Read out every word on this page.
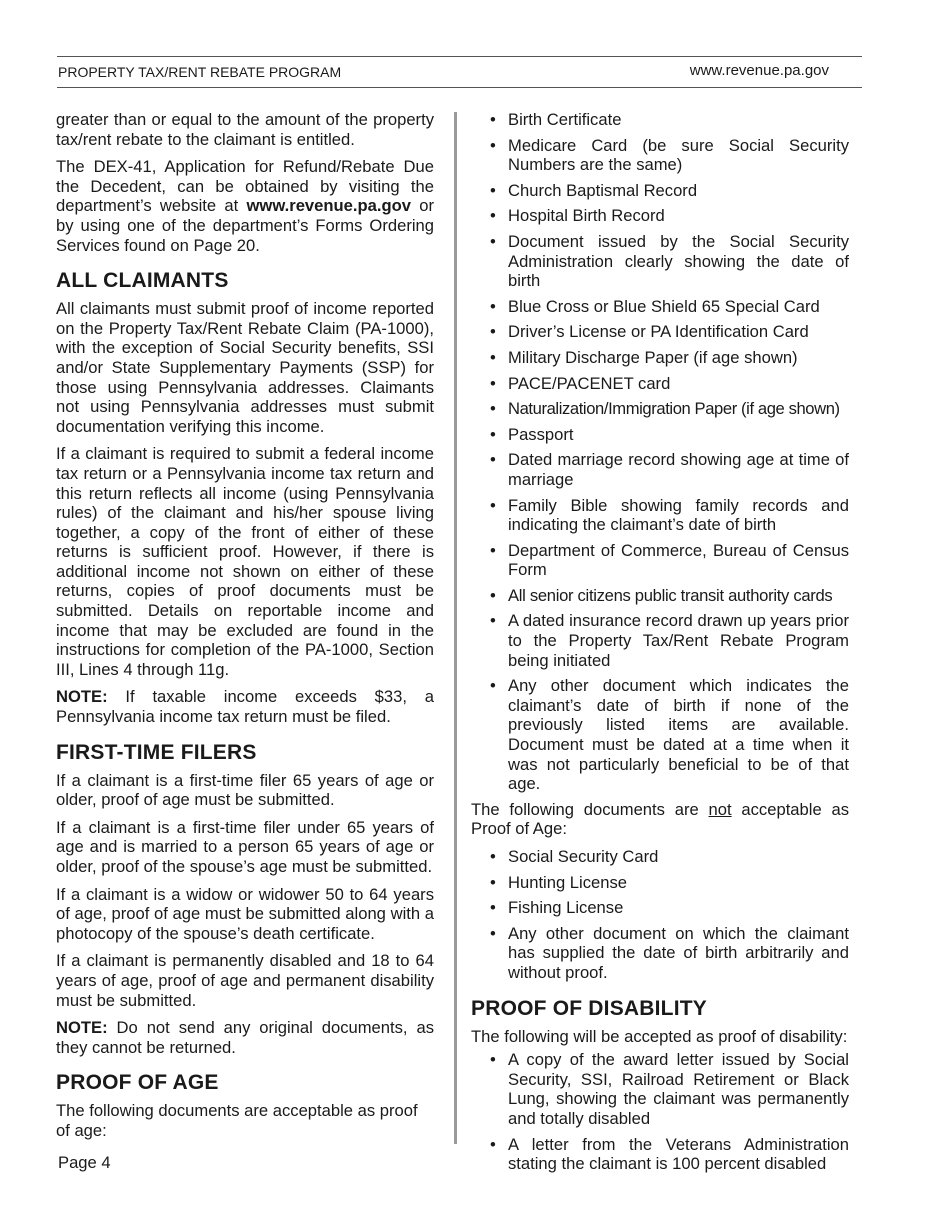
PROPERTY TAX/RENT REBATE PROGRAM	www.revenue.pa.gov

greater than or equal to the amount of the property tax/rent rebate to the claimant is entitled.

The DEX-41, Application for Refund/Rebate Due the Decedent, can be obtained by visiting the department’s website at www.revenue.pa.gov or by using one of the department’s Forms Ordering Services found on Page 20.

ALL CLAIMANTS

All claimants must submit proof of income reported on the Property Tax/Rent Rebate Claim (PA-1000), with the exception of Social Security benefits, SSI and/or State Supplementary Payments (SSP) for those using Pennsylvania addresses. Claimants not using Pennsylvania addresses must submit documentation verifying this income.

If a claimant is required to submit a federal income tax return or a Pennsylvania income tax return and this return reflects all income (using Pennsylvania rules) of the claimant and his/her spouse living together, a copy of the front of either of these returns is sufficient proof. However, if there is additional income not shown on either of these returns, copies of proof documents must be submitted. Details on reportable income and income that may be excluded are found in the instructions for completion of the PA-1000, Section III, Lines 4 through 11g.

NOTE: If taxable income exceeds $33, a Pennsylvania income tax return must be filed.

FIRST-TIME FILERS

If a claimant is a first-time filer 65 years of age or older, proof of age must be submitted.

If a claimant is a first-time filer under 65 years of age and is married to a person 65 years of age or older, proof of the spouse’s age must be submitted.

If a claimant is a widow or widower 50 to 64 years of age, proof of age must be submitted along with a photocopy of the spouse’s death certificate.

If a claimant is permanently disabled and 18 to 64 years of age, proof of age and permanent disability must be submitted.

NOTE: Do not send any original documents, as they cannot be returned.

PROOF OF AGE

The following documents are acceptable as proof of age:

• Birth Certificate
• Medicare Card (be sure Social Security Numbers are the same)
• Church Baptismal Record
• Hospital Birth Record
• Document issued by the Social Security Administration clearly showing the date of birth
• Blue Cross or Blue Shield 65 Special Card
• Driver’s License or PA Identification Card
• Military Discharge Paper (if age shown)
• PACE/PACENET card
• Naturalization/Immigration Paper (if age shown)
• Passport
• Dated marriage record showing age at time of marriage
• Family Bible showing family records and indicating the claimant’s date of birth
• Department of Commerce, Bureau of Census Form
• All senior citizens public transit authority cards
• A dated insurance record drawn up years prior to the Property Tax/Rent Rebate Program being initiated
• Any other document which indicates the claimant’s date of birth if none of the previously listed items are available. Document must be dated at a time when it was not particularly beneficial to be of that age.

The following documents are not acceptable as Proof of Age:

• Social Security Card
• Hunting License
• Fishing License
• Any other document on which the claimant has supplied the date of birth arbitrarily and without proof.
PROOF OF DISABILITY

The following will be accepted as proof of disability:

• A copy of the award letter issued by Social Security, SSI, Railroad Retirement or Black Lung, showing the claimant was permanently and totally disabled
• A letter from the Veterans Administration stating the claimant is 100 percent disabled
Page 4
